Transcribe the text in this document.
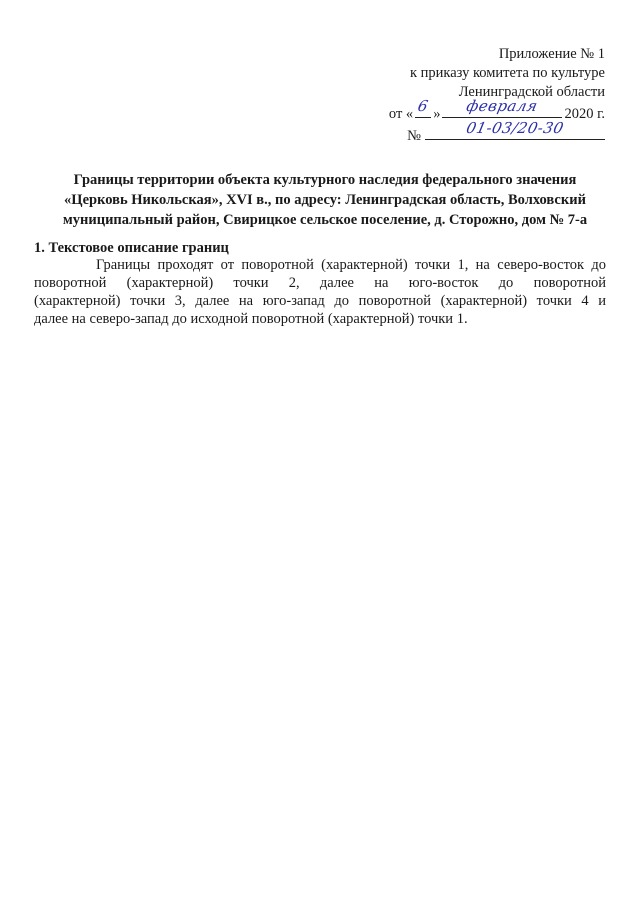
Приложение № 1
к приказу комитета по культуре
Ленинградской области
от « 6 »	февраля	2020 г.
№	01-03/20-30
Границы территории объекта культурного наследия федерального значения
«Церковь Никольская», XVI в., по адресу: Ленинградская область, Волховский
муниципальный район, Свирицкое сельское поселение, д. Сторожно, дом № 7-а
1. Текстовое описание границ
Границы проходят от поворотной (характерной) точки 1, на северо-восток до
поворотной (характерной) точки 2, далее на юго-восток до поворотной
(характерной) точки 3, далее на юго-запад до поворотной (характерной) точки 4 и
далее на северо-запад до исходной поворотной (характерной) точки 1.
